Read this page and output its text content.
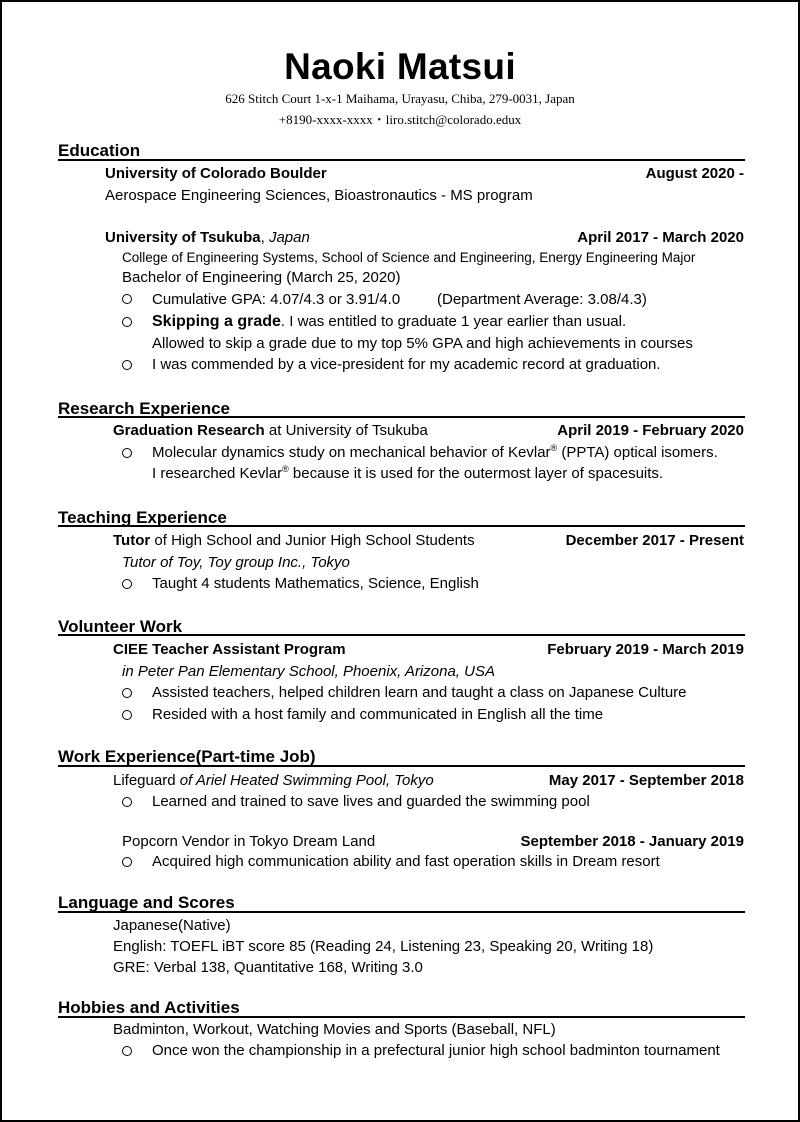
Naoki Matsui
626 Stitch Court 1-x-1 Maihama, Urayasu, Chiba, 279-0031, Japan
+8190-xxxx-xxxx・liro.stitch@colorado.edux
Education
University of Colorado Boulder	August 2020 -
Aerospace Engineering Sciences, Bioastronautics - MS program
University of Tsukuba, Japan	April 2017 - March 2020
College of Engineering Systems, School of Science and Engineering, Energy Engineering Major
Bachelor of Engineering (March 25, 2020)
Cumulative GPA: 4.07/4.3 or 3.91/4.0 (Department Average: 3.08/4.3)
Skipping a grade. I was entitled to graduate 1 year earlier than usual.
Allowed to skip a grade due to my top 5% GPA and high achievements in courses
I was commended by a vice-president for my academic record at graduation.
Research Experience
Graduation Research at University of Tsukuba	April 2019 - February 2020
Molecular dynamics study on mechanical behavior of Kevlar® (PPTA) optical isomers.
I researched Kevlar® because it is used for the outermost layer of spacesuits.
Teaching Experience
Tutor of High School and Junior High School Students	December 2017 - Present
Tutor of Toy, Toy group Inc., Tokyo
Taught 4 students Mathematics, Science, English
Volunteer Work
CIEE Teacher Assistant Program	February 2019 - March 2019
in Peter Pan Elementary School, Phoenix, Arizona, USA
Assisted teachers, helped children learn and taught a class on Japanese Culture
Resided with a host family and communicated in English all the time
Work Experience(Part-time Job)
Lifeguard of Ariel Heated Swimming Pool, Tokyo	May 2017 - September 2018
Learned and trained to save lives and guarded the swimming pool
Popcorn Vendor in Tokyo Dream Land	September 2018 - January 2019
Acquired high communication ability and fast operation skills in Dream resort
Language and Scores
Japanese(Native)
English: TOEFL iBT score 85 (Reading 24, Listening 23, Speaking 20, Writing 18)
GRE: Verbal 138, Quantitative 168, Writing 3.0
Hobbies and Activities
Badminton, Workout, Watching Movies and Sports (Baseball, NFL)
Once won the championship in a prefectural junior high school badminton tournament
